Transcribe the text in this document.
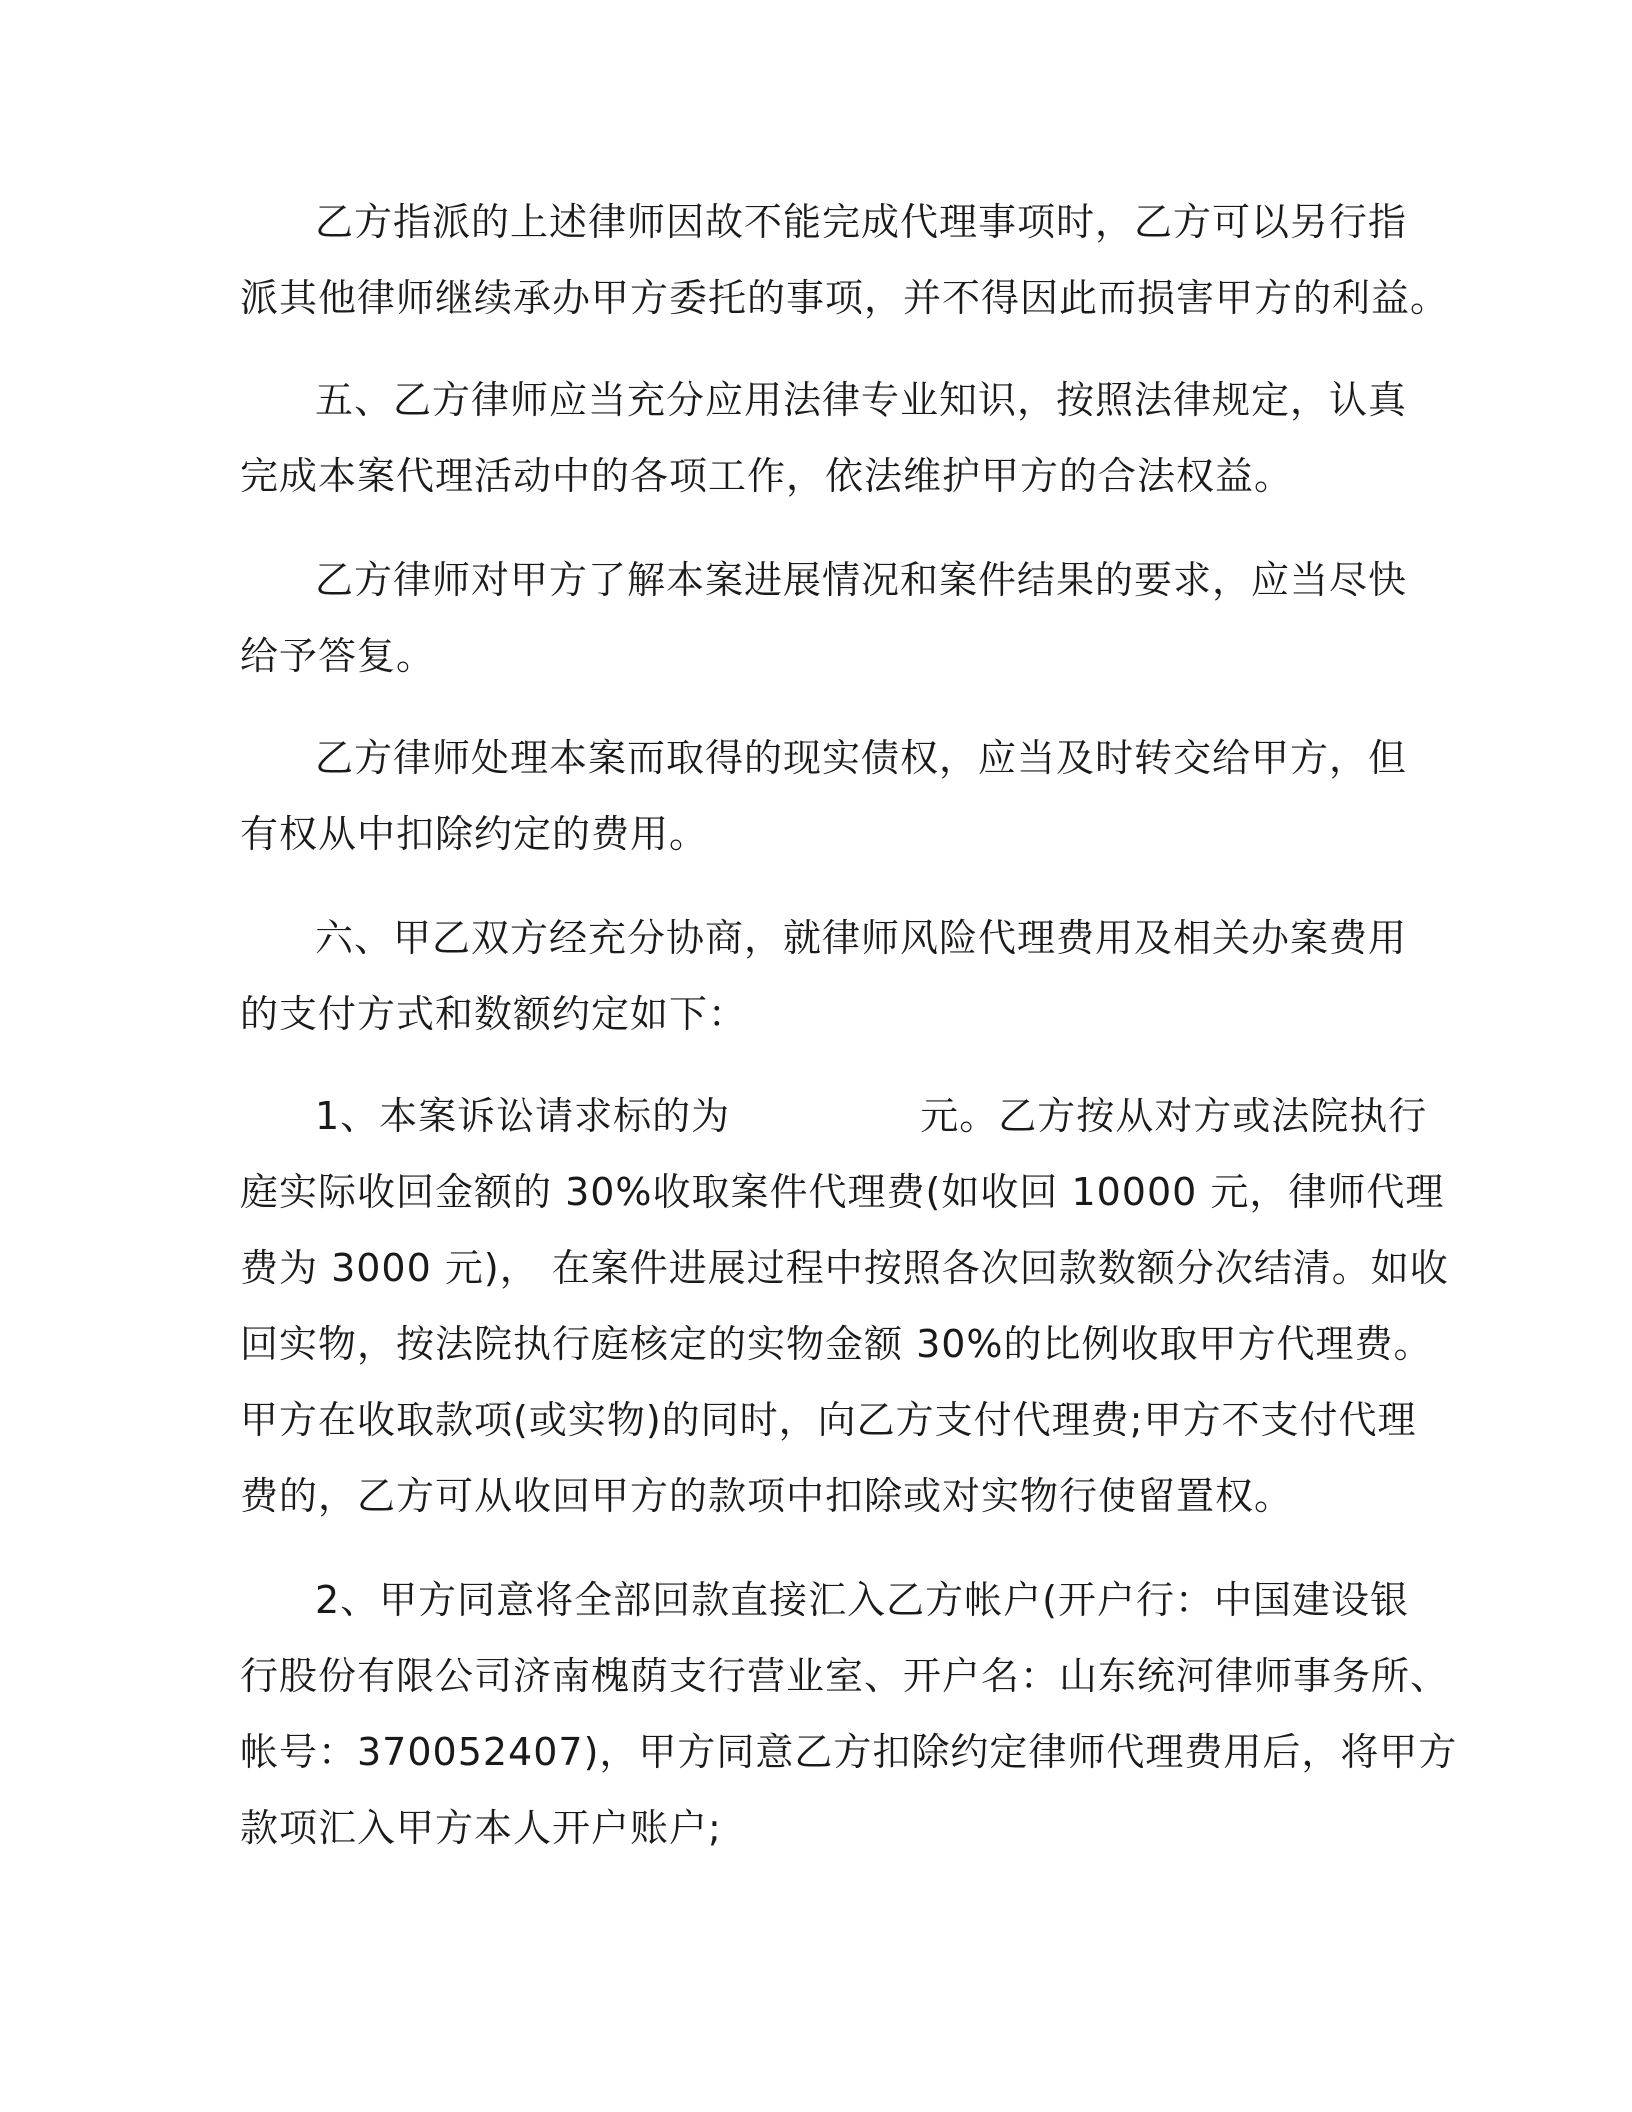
乙方指派的上述律师因故不能完成代理事项时，乙方可以另行指

派其他律师继续承办甲方委托的事项，并不得因此而损害甲方的利益。

五、乙方律师应当充分应用法律专业知识，按照法律规定，认真

完成本案代理活动中的各项工作，依法维护甲方的合法权益。

乙方律师对甲方了解本案进展情况和案件结果的要求，应当尽快

给予答复。

乙方律师处理本案而取得的现实债权，应当及时转交给甲方，但

有权从中扣除约定的费用。

六、甲乙双方经充分协商，就律师风险代理费用及相关办案费用

的支付方式和数额约定如下：

1、本案诉讼请求标的为	元。乙方按从对方或法院执行

庭实际收回金额的 30%收取案件代理费(如收回 10000 元，律师代理

费为 3000 元)， 在案件进展过程中按照各次回款数额分次结清。如收

回实物，按法院执行庭核定的实物金额 30%的比例收取甲方代理费。

甲方在收取款项(或实物)的同时，向乙方支付代理费;甲方不支付代理

费的，乙方可从收回甲方的款项中扣除或对实物行使留置权。

2、甲方同意将全部回款直接汇入乙方帐户(开户行：中国建设银

行股份有限公司济南槐荫支行营业室、开户名：山东统河律师事务所、

帐号：370052407)，甲方同意乙方扣除约定律师代理费用后，将甲方

款项汇入甲方本人开户账户;
